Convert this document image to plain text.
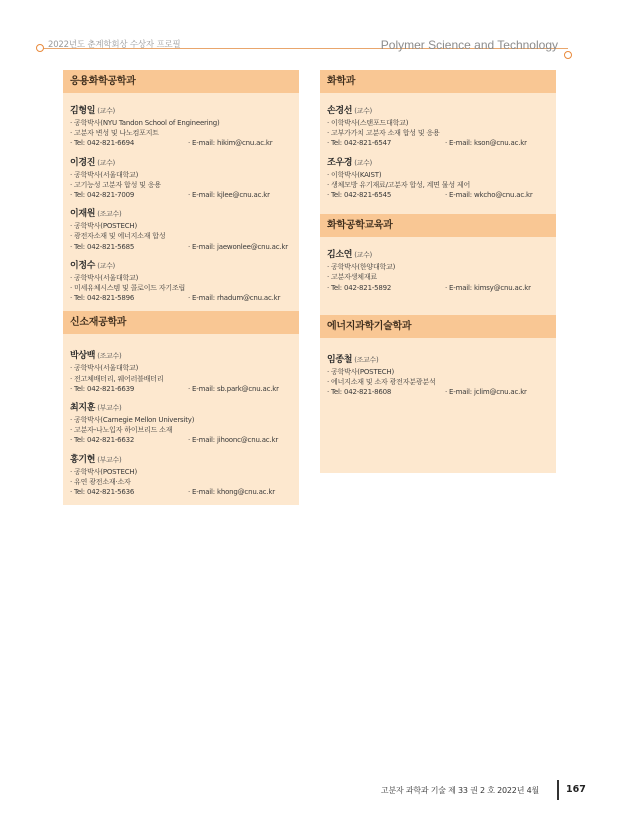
2022년도 춘계학회상 수상자 프로필	Polymer Science and Technology
응용화학공학과
김형일 (교수)
· 공학박사(NYU Tandon School of Engineering)
· 고분자 변성 및 나노컴포지트
· Tel: 042-821-6694	· E-mail: hikim@cnu.ac.kr
이경진 (교수)
· 공학박사(서울대학교)
· 고기능성 고분자 합성 및 응용
· Tel: 042-821-7009	· E-mail: kjlee@cnu.ac.kr
이재원 (조교수)
· 공학박사(POSTECH)
· 광전자소재 및 에너지소재 합성
· Tel: 042-821-5685	· E-mail: jaewonlee@cnu.ac.kr
이정수 (교수)
· 공학박사(서울대학교)
· 미세유체시스템 및 콜로이드 자기조립
· Tel: 042-821-5896	· E-mail: rhadum@cnu.ac.kr
신소재공학과
박상백 (조교수)
· 공학박사(서울대학교)
· 전고체배터리, 웨어러블배터리
· Tel: 042-821-6639	· E-mail: sb.park@cnu.ac.kr
최지훈 (부교수)
· 공학박사(Carnegie Mellon University)
· 고분자-나노입자 하이브리드 소재
· Tel: 042-821-6632	· E-mail: jihoonc@cnu.ac.kr
홍기현 (부교수)
· 공학박사(POSTECH)
· 유연 광전소재·소자
· Tel: 042-821-5636	· E-mail: khong@cnu.ac.kr
화학과
손경선 (교수)
· 이학박사(스탠포드대학교)
· 고부가가치 고분자 소재 합성 및 응용
· Tel: 042-821-6547	· E-mail: kson@cnu.ac.kr
조우경 (교수)
· 이학박사(KAIST)
· 생체모방 유기재료/고분자 합성, 계면 물성 제어
· Tel: 042-821-6545	· E-mail: wkcho@cnu.ac.kr
화학공학교육과
김소연 (교수)
· 공학박사(한양대학교)
· 고분자생체재료
· Tel: 042-821-5892	· E-mail: kimsy@cnu.ac.kr
에너지과학기술학과
임종철 (조교수)
· 공학박사(POSTECH)
· 에너지소재 및 소자 광전자분광분석
· Tel: 042-821-8608	· E-mail: jclim@cnu.ac.kr
고분자 과학과 기술 제 33 권 2 호 2022년 4월	167
